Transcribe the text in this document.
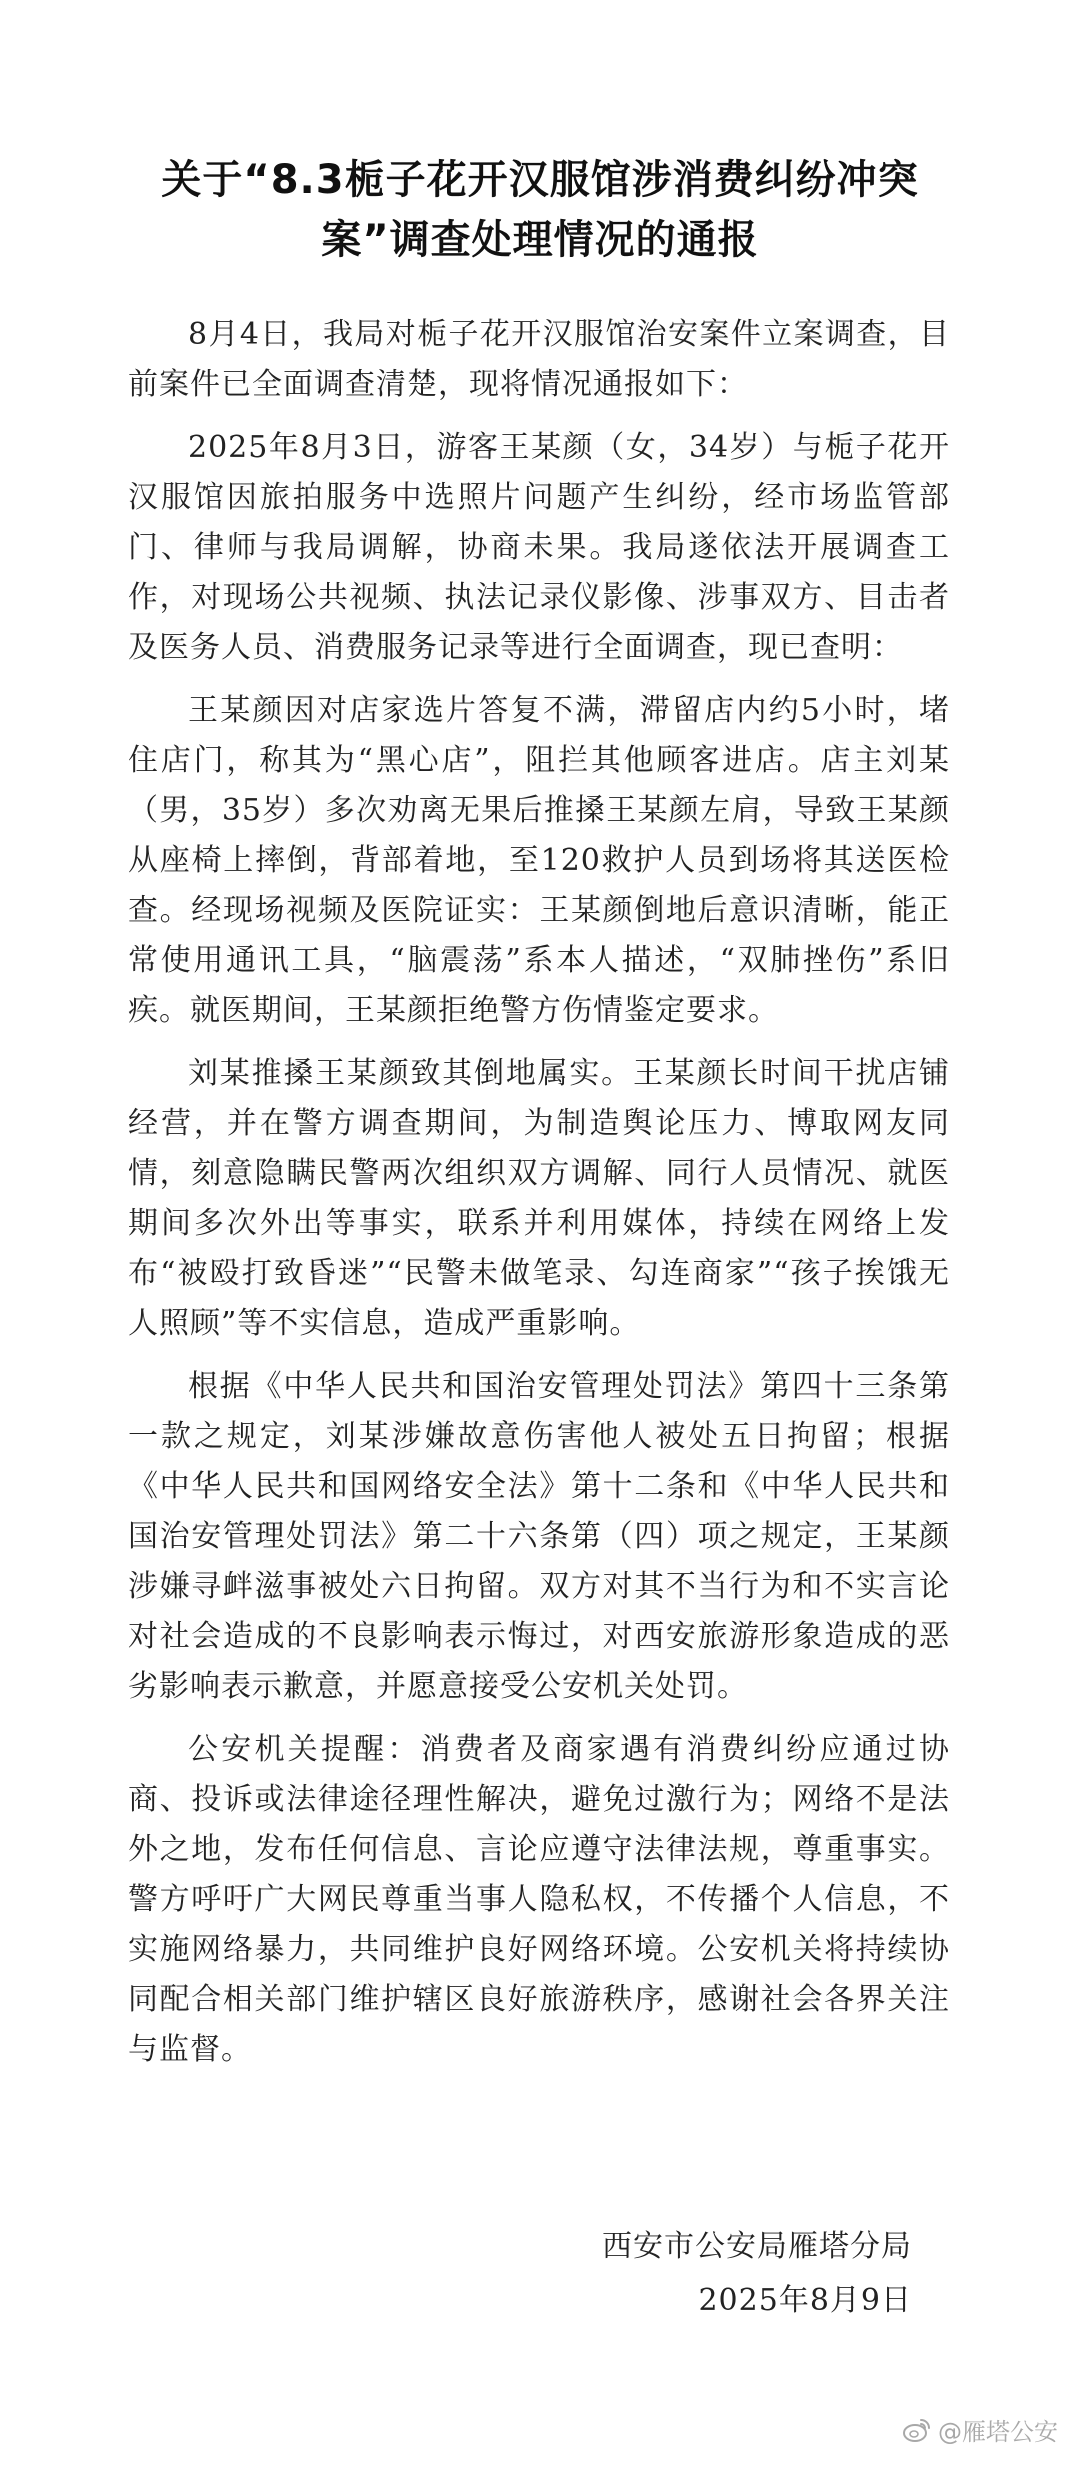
关于“8.3栀子花开汉服馆涉消费纠纷冲突案”调查处理情况的通报

8月4日，我局对栀子花开汉服馆治安案件立案调查，目前案件已全面调查清楚，现将情况通报如下：

2025年8月3日，游客王某颜（女，34岁）与栀子花开汉服馆因旅拍服务中选照片问题产生纠纷，经市场监管部门、律师与我局调解，协商未果。我局遂依法开展调查工作，对现场公共视频、执法记录仪影像、涉事双方、目击者及医务人员、消费服务记录等进行全面调查，现已查明：

王某颜因对店家选片答复不满，滞留店内约5小时，堵住店门，称其为“黑心店”，阻拦其他顾客进店。店主刘某（男，35岁）多次劝离无果后推搡王某颜左肩，导致王某颜从座椅上摔倒，背部着地，至120救护人员到场将其送医检查。经现场视频及医院证实：王某颜倒地后意识清晰，能正常使用通讯工具，“脑震荡”系本人描述，“双肺挫伤”系旧疾。就医期间，王某颜拒绝警方伤情鉴定要求。

刘某推搡王某颜致其倒地属实。王某颜长时间干扰店铺经营，并在警方调查期间，为制造舆论压力、博取网友同情，刻意隐瞒民警两次组织双方调解、同行人员情况、就医期间多次外出等事实，联系并利用媒体，持续在网络上发布“被殴打致昏迷”“民警未做笔录、勾连商家”“孩子挨饿无人照顾”等不实信息，造成严重影响。

根据《中华人民共和国治安管理处罚法》第四十三条第一款之规定，刘某涉嫌故意伤害他人被处五日拘留；根据《中华人民共和国网络安全法》第十二条和《中华人民共和国治安管理处罚法》第二十六条第（四）项之规定，王某颜涉嫌寻衅滋事被处六日拘留。双方对其不当行为和不实言论对社会造成的不良影响表示悔过，对西安旅游形象造成的恶劣影响表示歉意，并愿意接受公安机关处罚。

公安机关提醒：消费者及商家遇有消费纠纷应通过协商、投诉或法律途径理性解决，避免过激行为；网络不是法外之地，发布任何信息、言论应遵守法律法规，尊重事实。警方呼吁广大网民尊重当事人隐私权，不传播个人信息，不实施网络暴力，共同维护良好网络环境。公安机关将持续协同配合相关部门维护辖区良好旅游秩序，感谢社会各界关注与监督。

西安市公安局雁塔分局
2025年8月9日
@雁塔公安
